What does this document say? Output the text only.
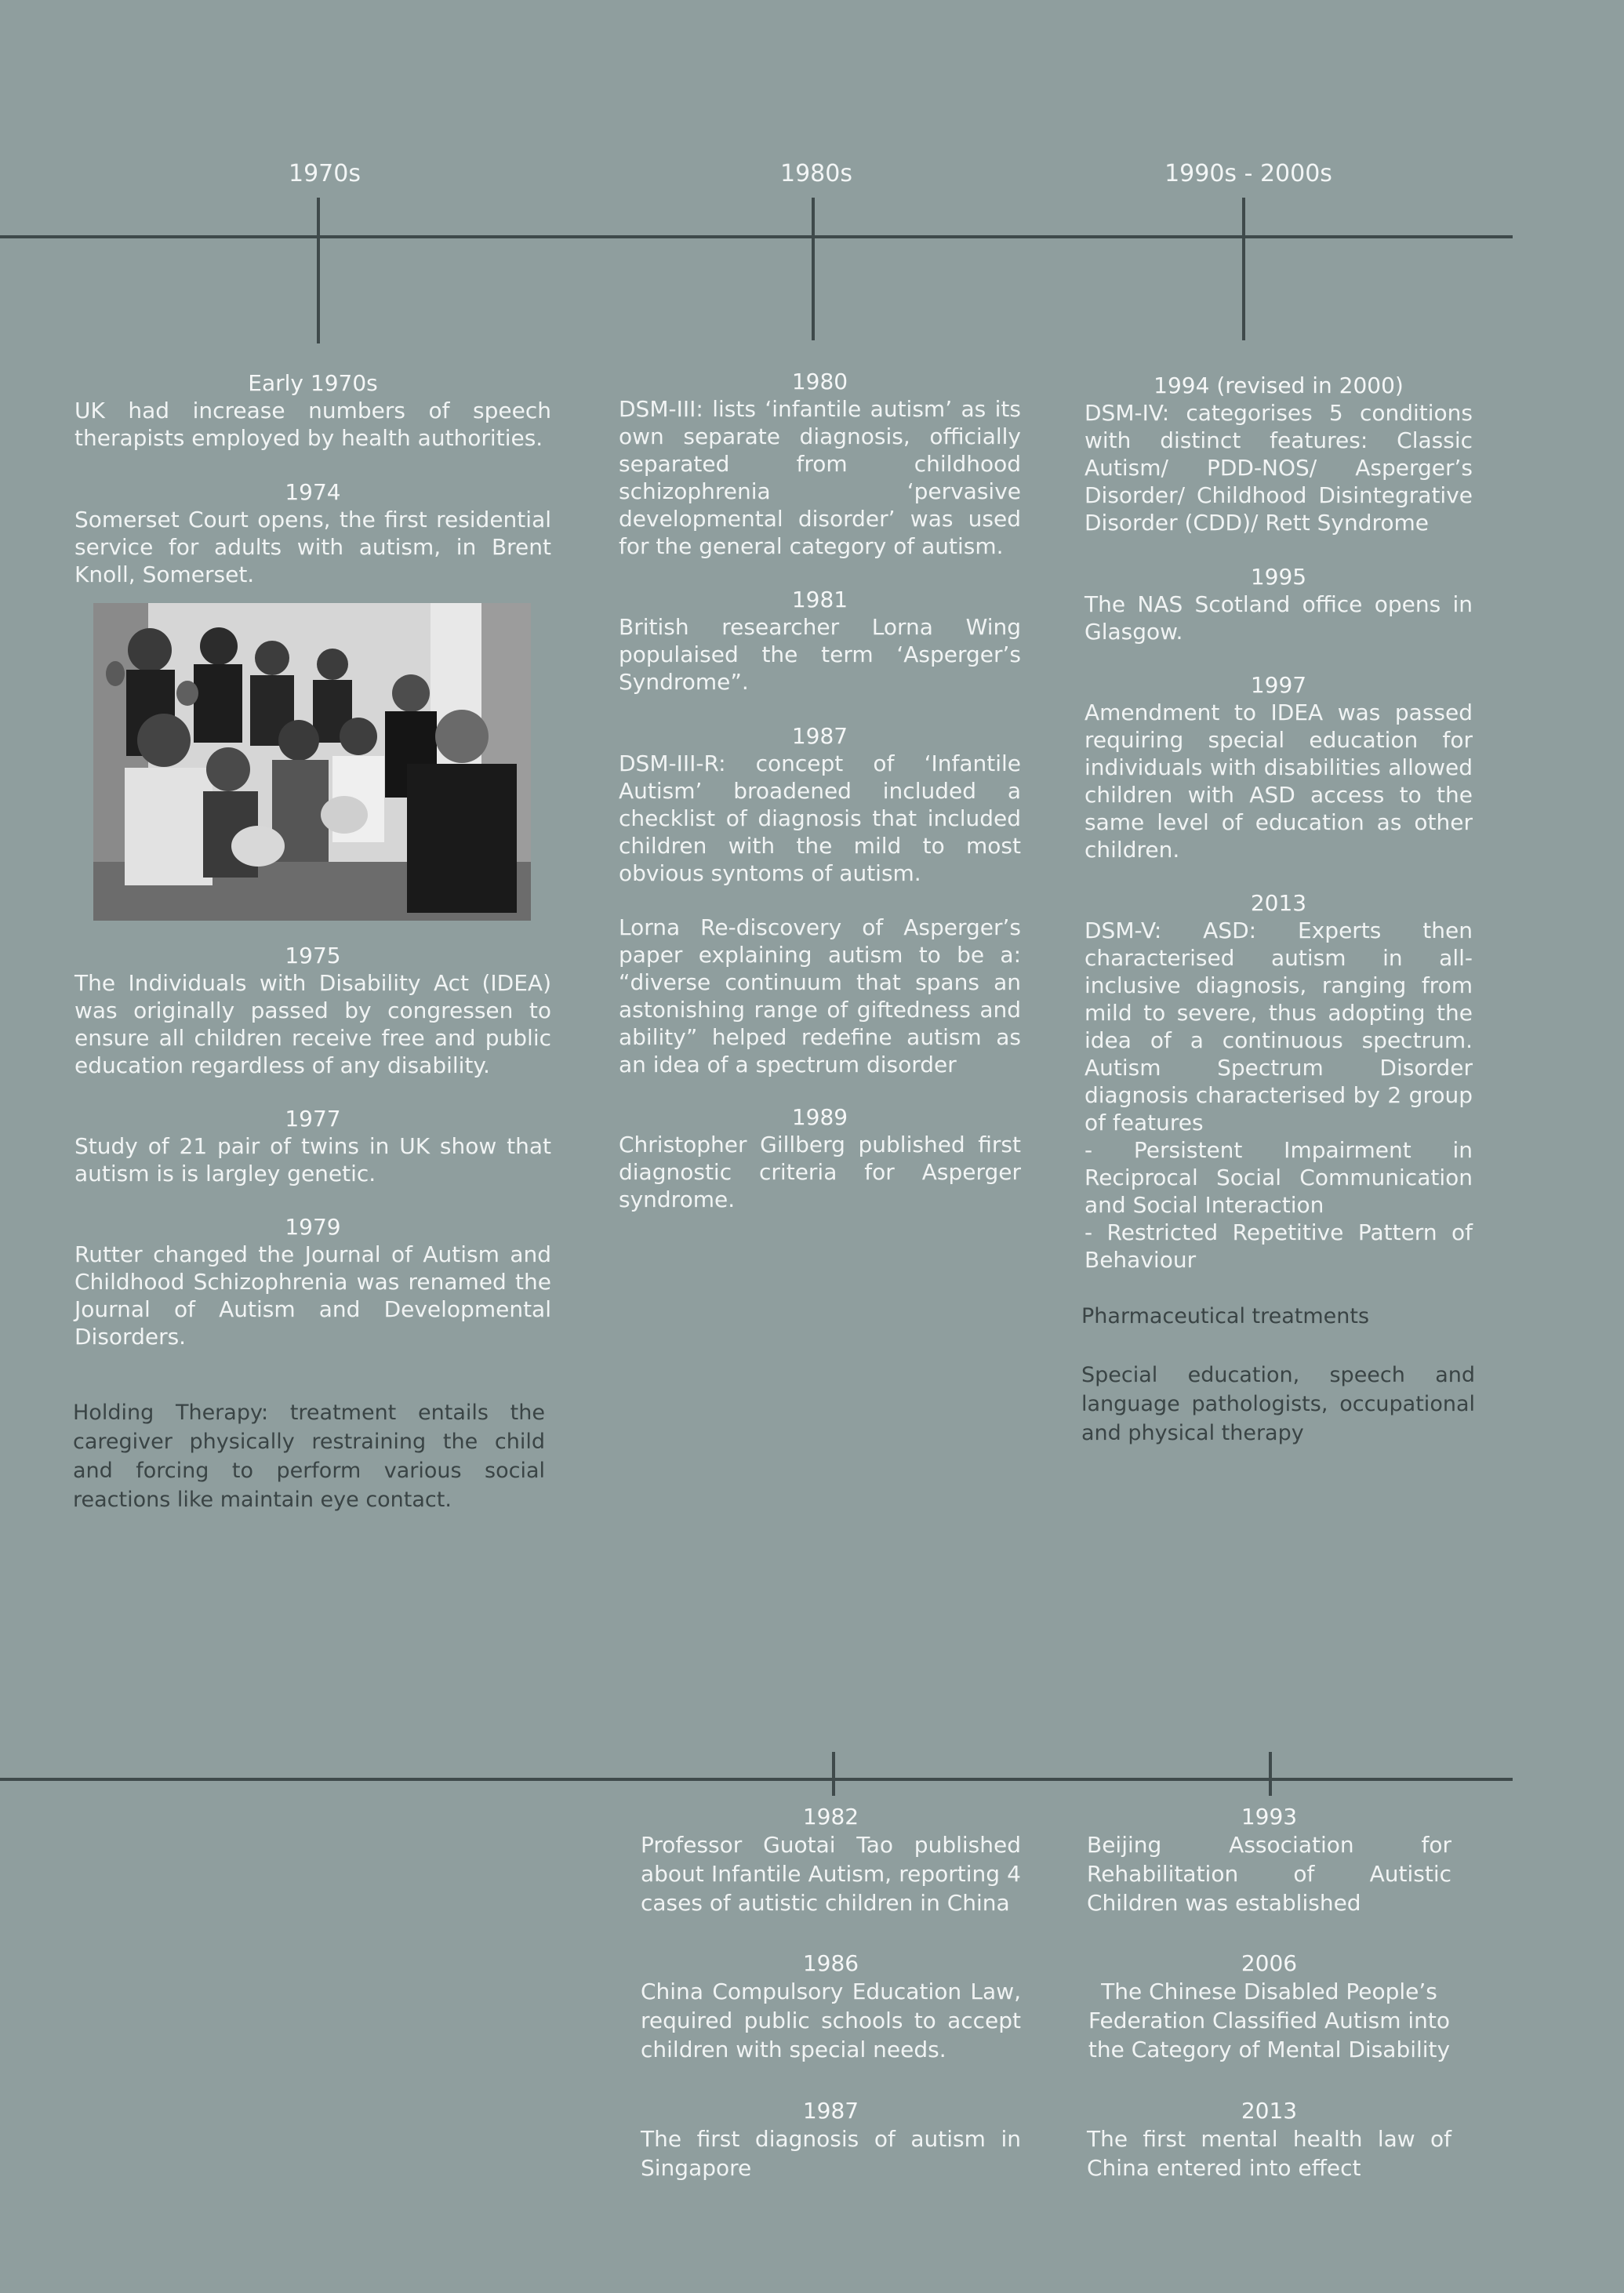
1970s	1980s	1990s - 2000s
Early 1970s
UK had increase numbers of speech therapists employed by health authorities.
1974
Somerset Court opens, the first residential service for adults with autism, in Brent Knoll, Somerset.
1975
The Individuals with Disability Act (IDEA) was originally passed by congressen to ensure all children receive free and public education regardless of any disability.
1977
Study of 21 pair of twins in UK show that autism is is largley genetic.
1979
Rutter changed the Journal of Autism and Childhood Schizophrenia was renamed the Journal of Autism and Developmental Disorders.
Holding Therapy: treatment entails the caregiver physically restraining the child and forcing to perform various social reactions like maintain eye contact.
1980
DSM-III: lists ‘infantile autism’ as its own separate diagnosis, officially separated from childhood schizophrenia ‘pervasive developmental disorder’ was used for the general category of autism.
1981
British researcher Lorna Wing populaised the term ‘Asperger’s Syndrome”.
1987
DSM-III-R: concept of ‘Infantile Autism’ broadened included a checklist of diagnosis that included children with the mild to most obvious syntoms of autism.
Lorna Re-discovery of Asperger’s paper explaining autism to be a: “diverse continuum that spans an astonishing range of giftedness and ability” helped redefine autism as an idea of a spectrum disorder
1989
Christopher Gillberg published first diagnostic criteria for Asperger syndrome.
1994 (revised in 2000)
DSM-IV: categorises 5 conditions with distinct features: Classic Autism/ PDD-NOS/ Asperger’s Disorder/ Childhood Disintegrative Disorder (CDD)/ Rett Syndrome
1995
The NAS Scotland office opens in Glasgow.
1997
Amendment to IDEA was passed requiring special education for individuals with disabilities allowed children with ASD access to the same level of education as other children.
2013
DSM-V: ASD: Experts then characterised autism in all-inclusive diagnosis, ranging from mild to severe, thus adopting the idea of a continuous spectrum. Autism Spectrum Disorder diagnosis characterised by 2 group of features
- Persistent Impairment in Reciprocal Social Communication and Social Interaction
- Restricted Repetitive Pattern of Behaviour
Pharmaceutical treatments
Special education, speech and language pathologists, occupational and physical therapy
1982
Professor Guotai Tao published about Infantile Autism, reporting 4 cases of autistic children in China
1986
China Compulsory Education Law, required public schools to accept children with special needs.
1987
The first diagnosis of autism in Singapore
1993
Beijing Association for Rehabilitation of Autistic Children was established
2006
The Chinese Disabled People’s Federation Classified Autism into the Category of Mental Disability
2013
The first mental health law of China entered into effect
